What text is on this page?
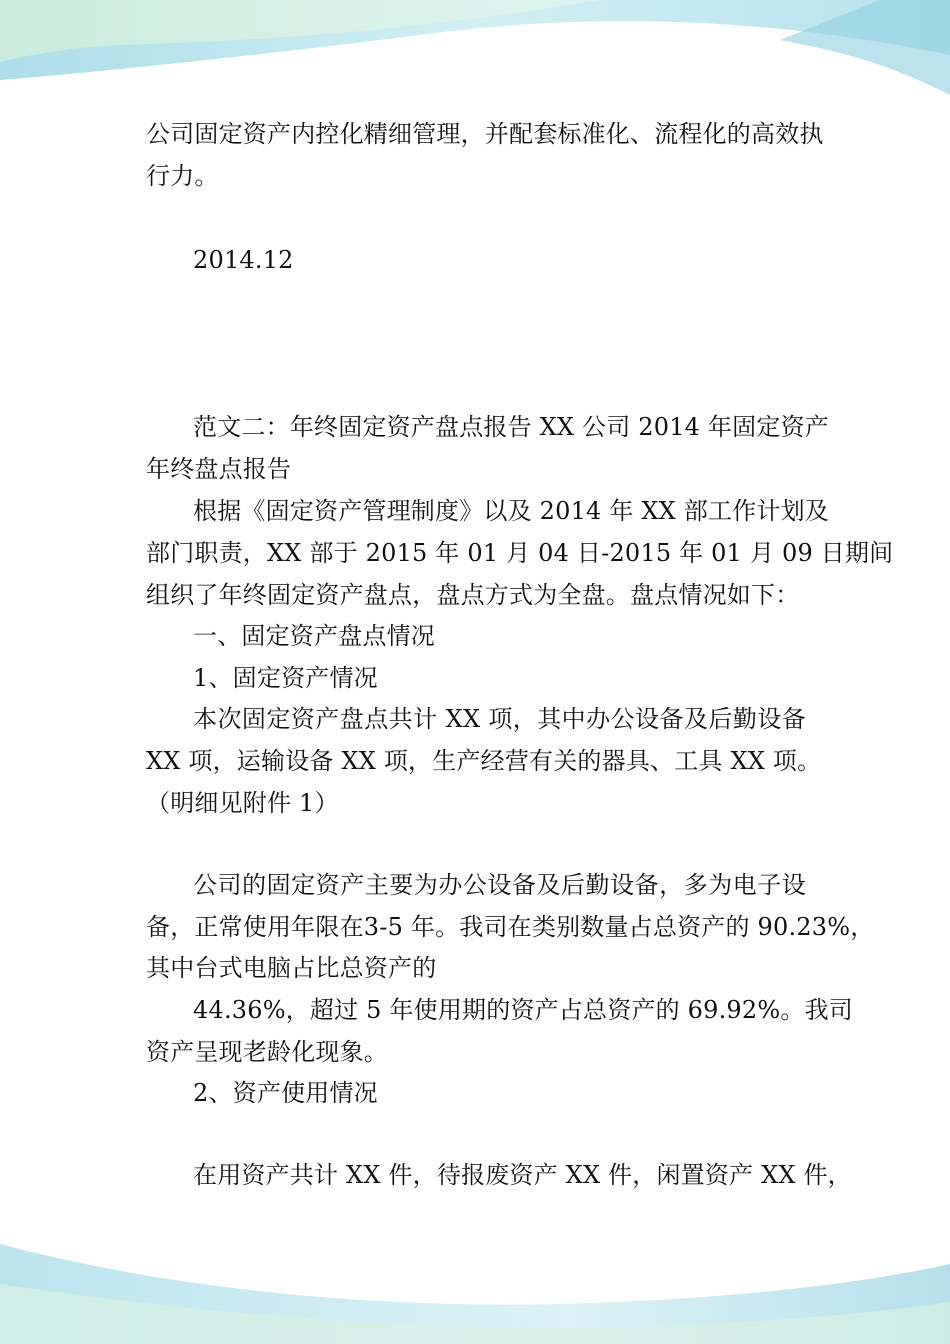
公司固定资产内控化精细管理，并配套标准化、流程化的高效执
行力。
2014.12
范文二：年终固定资产盘点报告 XX 公司 2014 年固定资产
年终盘点报告
根据《固定资产管理制度》以及 2014 年 XX 部工作计划及
部门职责，XX 部于 2015 年 01 月 04 日-2015 年 01 月 09 日期间
组织了年终固定资产盘点，盘点方式为全盘。盘点情况如下：
一、固定资产盘点情况
1、固定资产情况
本次固定资产盘点共计 XX 项，其中办公设备及后勤设备
XX 项，运输设备 XX 项，生产经营有关的器具、工具 XX 项。
（明细见附件 1）
公司的固定资产主要为办公设备及后勤设备，多为电子设
备，正常使用年限在3-5 年。我司在类别数量占总资产的 90.23%，
其中台式电脑占比总资产的
44.36%，超过 5 年使用期的资产占总资产的 69.92%。我司
资产呈现老龄化现象。
2、资产使用情况
在用资产共计 XX 件，待报废资产 XX 件，闲置资产 XX 件，
